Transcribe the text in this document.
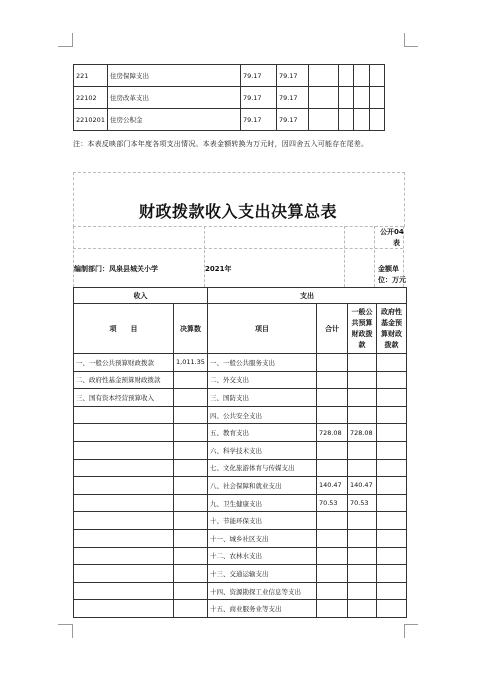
221	住房保障支出	79.17	79.17				
22102	住房改革支出	79.17	79.17				
2210201	住房公积金	79.17	79.17				
注：本表反映部门本年度各项支出情况。本表金额转换为万元时，因四舍五入可能存在尾差。
财政拨款收入支出决算总表
公开04
表
编制部门：凤泉县城关小学	2021年	金额单
位：万元
收入		支出			
项　　目	决算数	项目	合计	一般公共预算财政拨款	政府性基金预算财政拨款
一、一般公共预算财政拨款	1,011.35	一、一般公共服务支出			
二、政府性基金预算财政拨款		二、外交支出			
三、国有资本经营预算收入		三、国防支出			
		四、公共安全支出			
		五、教育支出	728.08	728.08	
		六、科学技术支出			
		七、文化旅游体育与传媒支出			
		八、社会保障和就业支出	140.47	140.47	
		九、卫生健康支出	70.53	70.53	
		十、节能环保支出			
		十一、城乡社区支出			
		十二、农林水支出			
		十三、交通运输支出			
		十四、资源勘探工业信息等支出			
		十五、商业服务业等支出			
